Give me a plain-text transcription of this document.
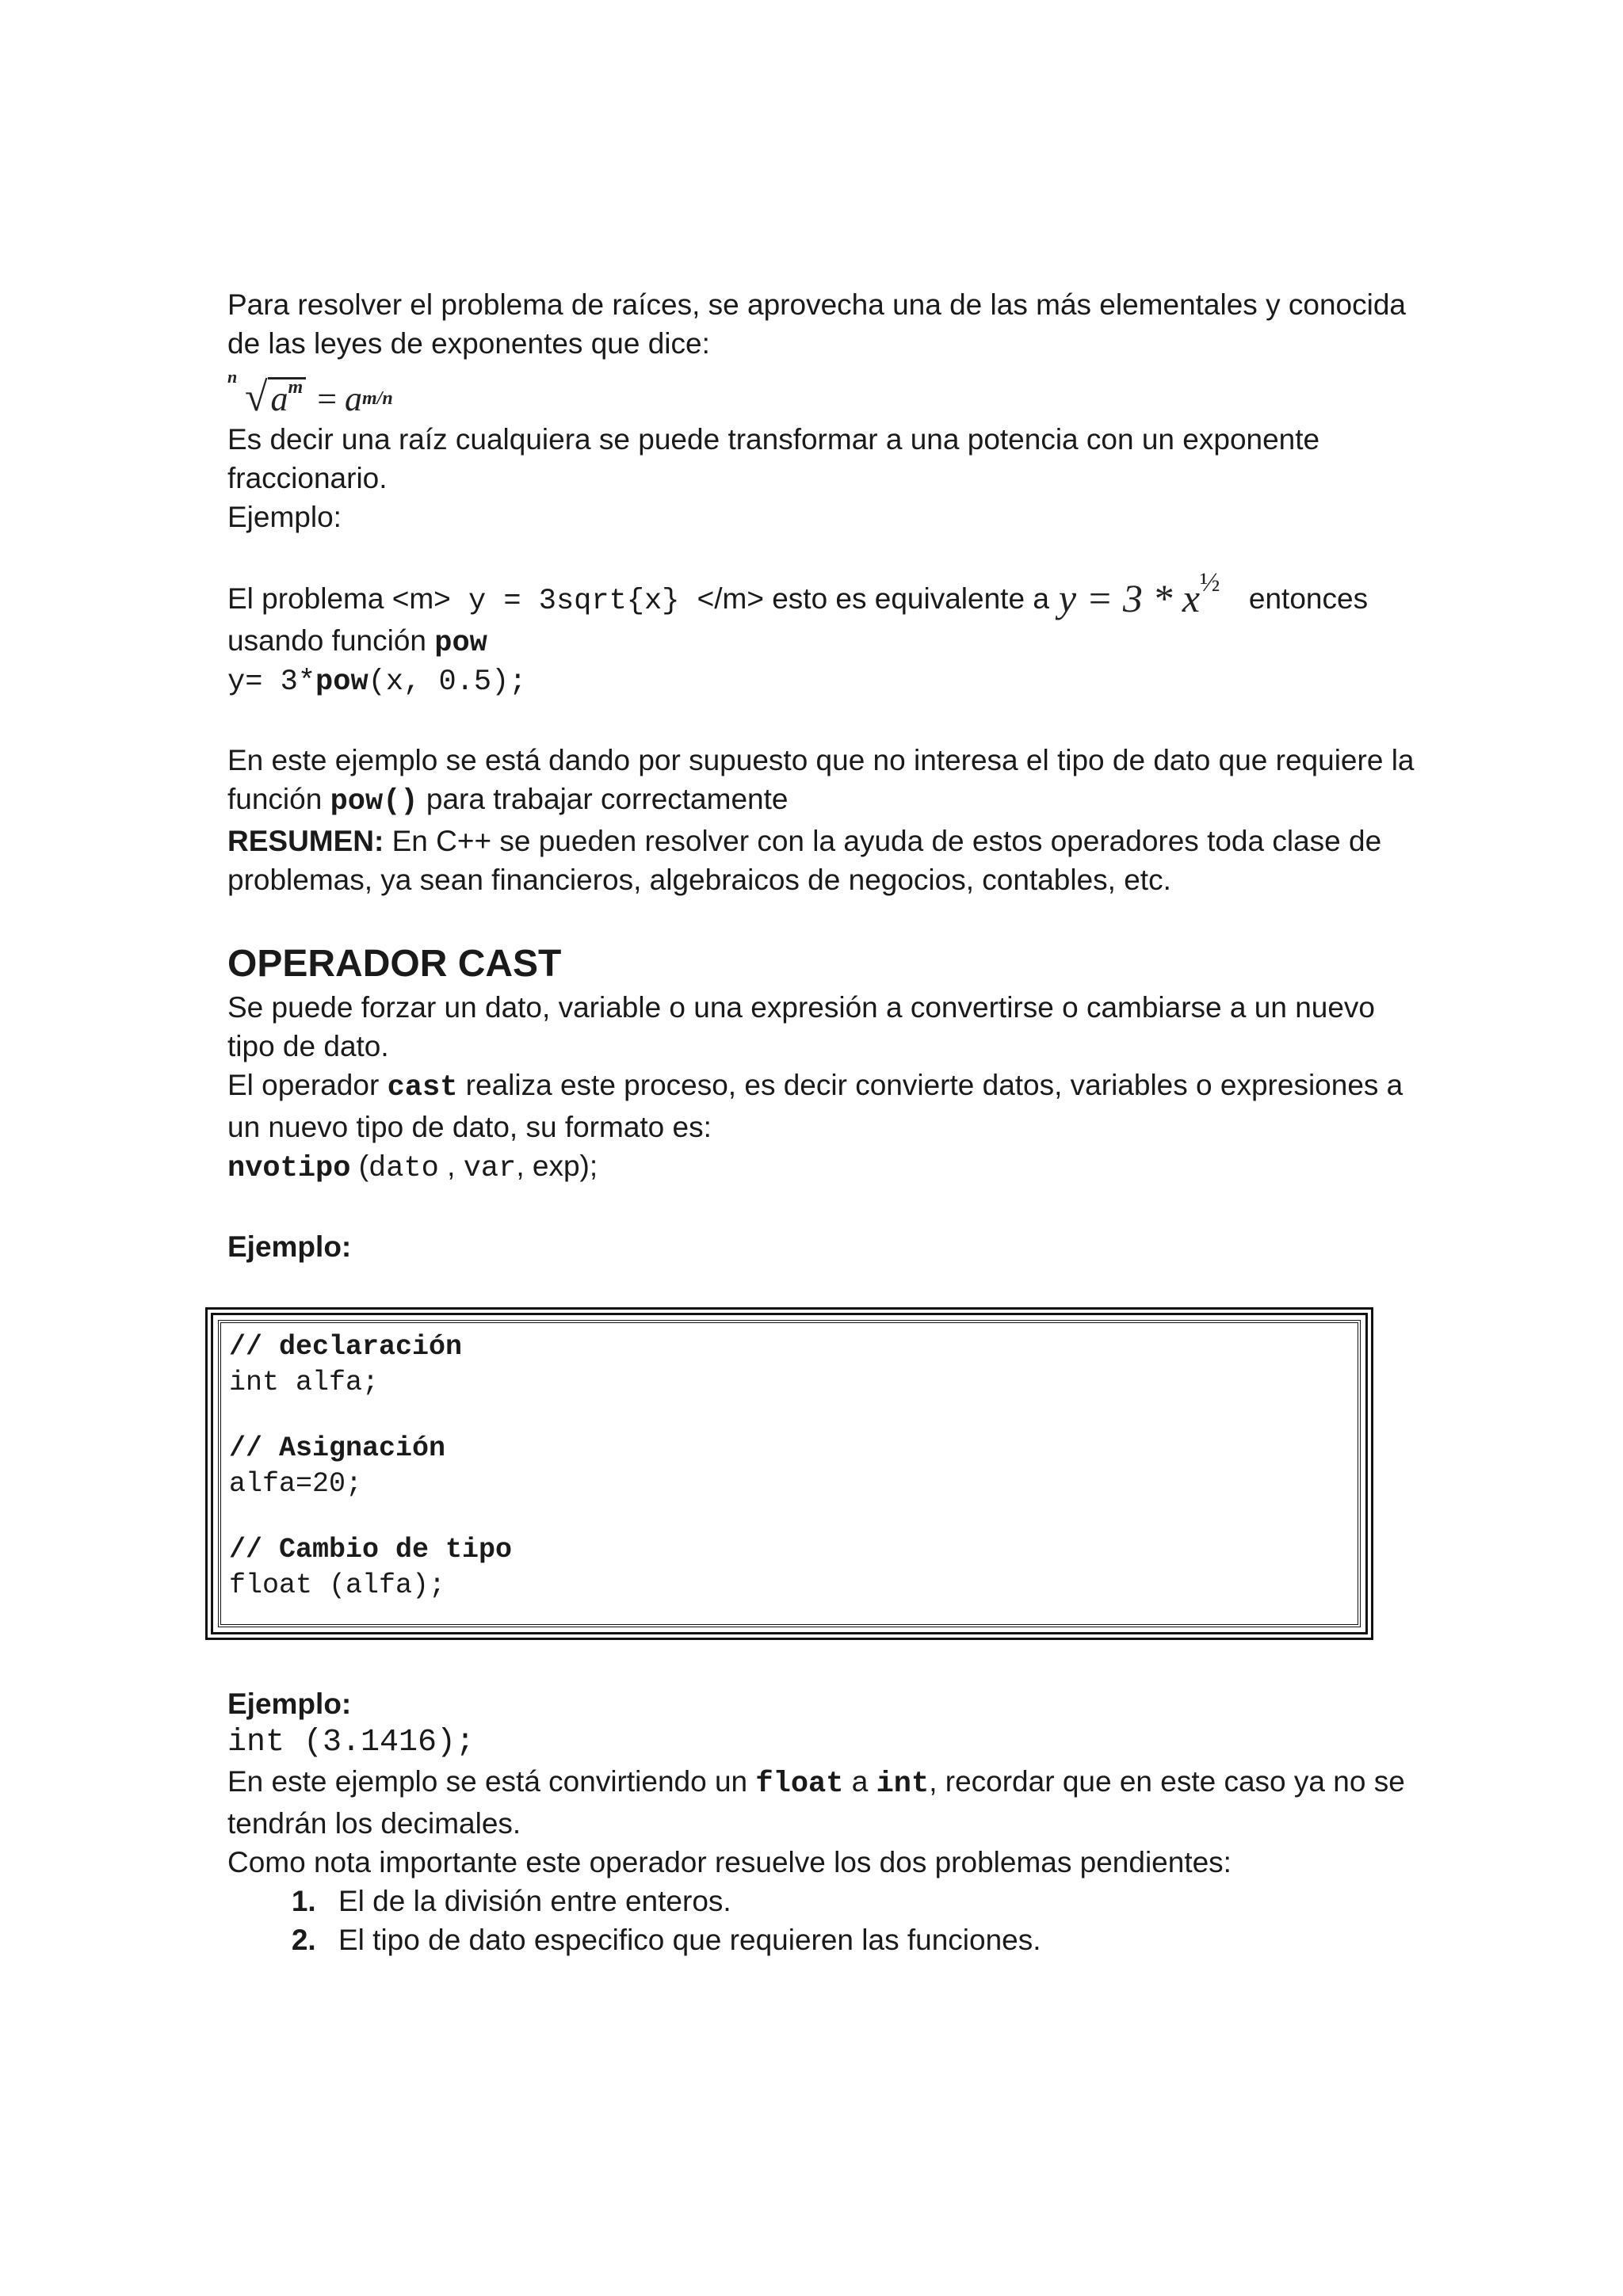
Para resolver el problema de raíces, se aprovecha una de las más elementales y conocida de las leyes de exponentes que dice:

n $√a^m = a$ m/n

Es decir una raíz cualquiera se puede transformar a una potencia con un exponente fraccionario.

Ejemplo:

El problema <m> y = 3sqrt{x} </m> esto es equivalente a $y = 3 * x^{\frac{1}{2}}$ entonces

usando función pow

y= 3*pow(x, 0.5);

En este ejemplo se está dando por supuesto que no interesa el tipo de dato que requiere la función pow() para trabajar correctamente

RESUMEN: En C++ se pueden resolver con la ayuda de estos operadores toda clase de problemas, ya sean financieros, algebraicos de negocios, contables, etc.

OPERADOR CAST

Se puede forzar un dato, variable o una expresión a convertirse o cambiarse a un nuevo tipo de dato.

El operador cast realiza este proceso, es decir convierte datos, variables o expresiones a un nuevo tipo de dato, su formato es:

nvotipo (dato , var, exp);

Ejemplo:

// declaración
int alfa;
// Asignación
alfa=20;
// Cambio de tipo
float (alfa);

Ejemplo:

int (3.1416);

En este ejemplo se está convirtiendo un float a int, recordar que en este caso ya no se tendrán los decimales.

Como nota importante este operador resuelve los dos problemas pendientes:

1. El de la división entre enteros.
2. El tipo de dato especifico que requieren las funciones.
